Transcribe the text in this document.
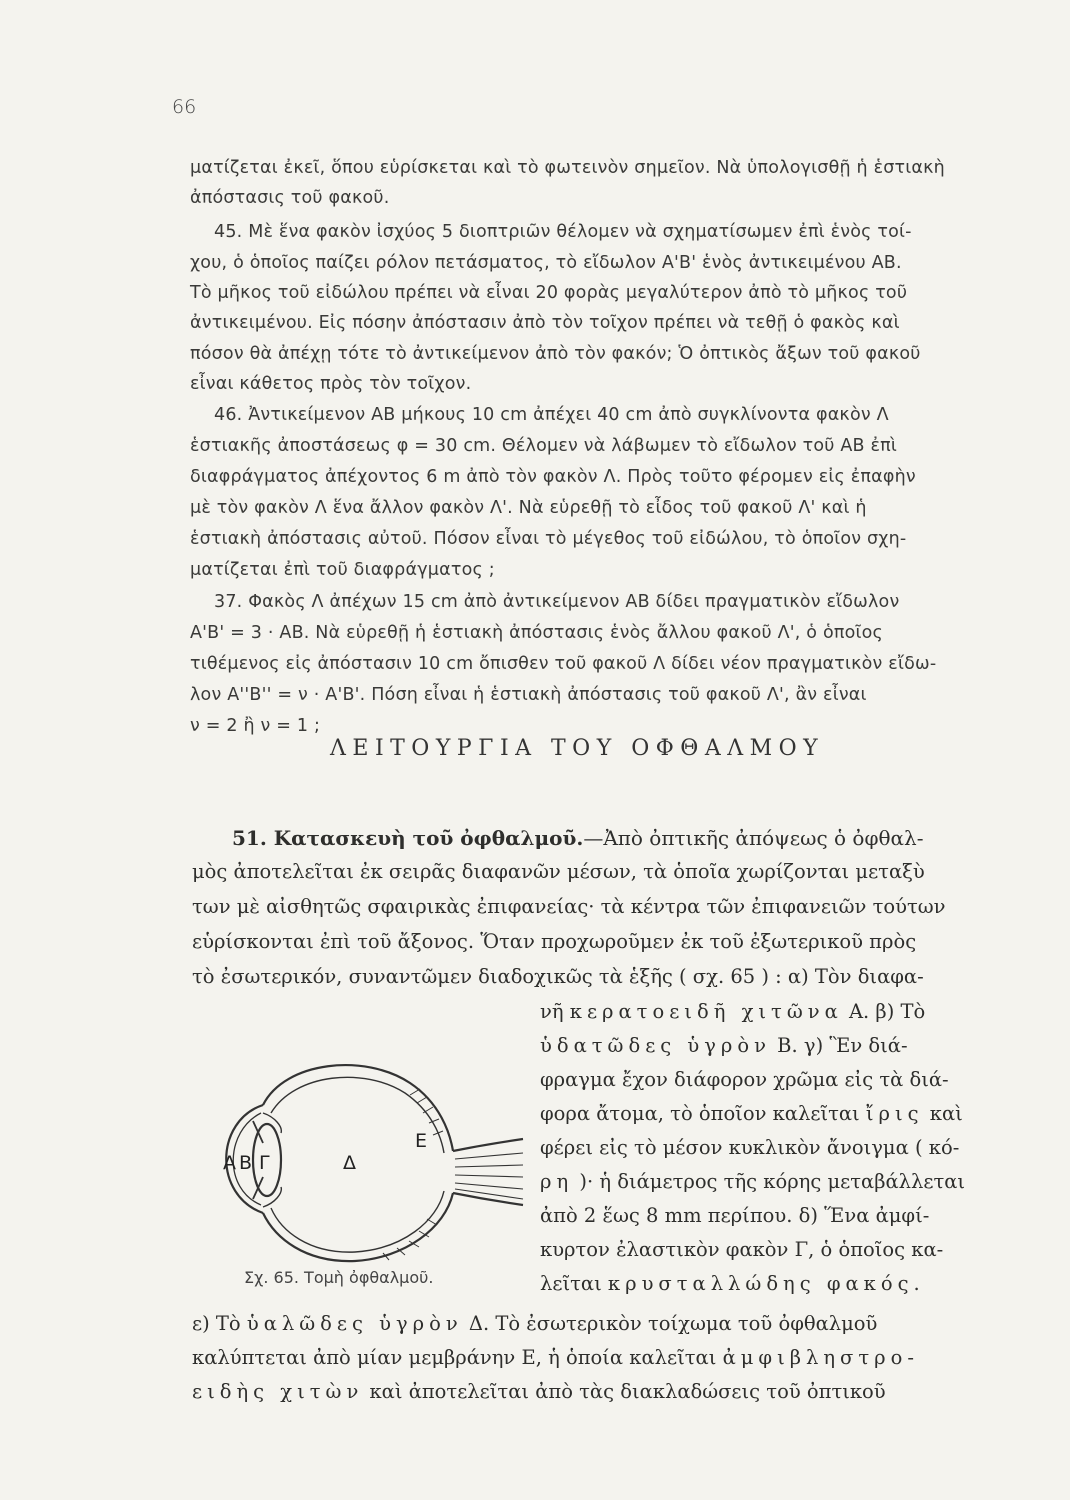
66
ματίζεται ἐκεῖ, ὅπου εὑρίσκεται καὶ τὸ φωτεινὸν σημεῖον. Νὰ ὑπολογισθῇ ἡ ἑστιακὴ
ἀπόστασις τοῦ φακοῦ.
45. Μὲ ἕνα φακὸν ἰσχύος 5 διοπτριῶν θέλομεν νὰ σχηματίσωμεν ἐπὶ ἑνὸς τοί-
χου, ὁ ὁποῖος παίζει ρόλον πετάσματος, τὸ εἴδωλον Α'Β' ἑνὸς ἀντικειμένου ΑΒ.
Τὸ μῆκος τοῦ εἰδώλου πρέπει νὰ εἶναι 20 φορὰς μεγαλύτερον ἀπὸ τὸ μῆκος τοῦ
ἀντικειμένου. Εἰς πόσην ἀπόστασιν ἀπὸ τὸν τοῖχον πρέπει νὰ τεθῇ ὁ φακὸς καὶ
πόσον θὰ ἀπέχῃ τότε τὸ ἀντικείμενον ἀπὸ τὸν φακόν; Ὁ ὀπτικὸς ἄξων τοῦ φακοῦ
εἶναι κάθετος πρὸς τὸν τοῖχον.
46. Ἀντικείμενον ΑΒ μήκους 10 cm ἀπέχει 40 cm ἀπὸ συγκλίνοντα φακὸν Λ
ἑστιακῆς ἀποστάσεως φ = 30 cm. Θέλομεν νὰ λάβωμεν τὸ εἴδωλον τοῦ ΑΒ ἐπὶ
διαφράγματος ἀπέχοντος 6 m ἀπὸ τὸν φακὸν Λ. Πρὸς τοῦτο φέρομεν εἰς ἐπαφὴν
μὲ τὸν φακὸν Λ ἕνα ἄλλον φακὸν Λ'. Νὰ εὑρεθῇ τὸ εἶδος τοῦ φακοῦ Λ' καὶ ἡ
ἑστιακὴ ἀπόστασις αὐτοῦ. Πόσον εἶναι τὸ μέγεθος τοῦ εἰδώλου, τὸ ὁποῖον σχη-
ματίζεται ἐπὶ τοῦ διαφράγματος ;
37. Φακὸς Λ ἀπέχων 15 cm ἀπὸ ἀντικείμενον ΑΒ δίδει πραγματικὸν εἴδωλον
Α'Β' = 3 · ΑΒ. Νὰ εὑρεθῇ ἡ ἑστιακὴ ἀπόστασις ἑνὸς ἄλλου φακοῦ Λ', ὁ ὁποῖος
τιθέμενος εἰς ἀπόστασιν 10 cm ὄπισθεν τοῦ φακοῦ Λ δίδει νέον πραγματικὸν εἴδω-
λον Α''Β'' = ν · Α'Β'. Πόση εἶναι ἡ ἑστιακὴ ἀπόστασις τοῦ φακοῦ Λ', ἂν εἶναι
ν = 2 ἢ ν = 1 ;
ΛΕΙΤΟΥΡΓΙΑ ΤΟΥ ΟΦΘΑΛΜΟΥ
51. Κατασκευὴ τοῦ ὀφθαλμοῦ.—Ἀπὸ ὀπτικῆς ἀπόψεως ὁ ὀφθαλ-
μὸς ἀποτελεῖται ἐκ σειρᾶς διαφανῶν μέσων, τὰ ὁποῖα χωρίζονται μεταξὺ
των μὲ αἰσθητῶς σφαιρικὰς ἐπιφανείας· τὰ κέντρα τῶν ἐπιφανειῶν τούτων
εὑρίσκονται ἐπὶ τοῦ ἄξονος. Ὅταν προχωροῦμεν ἐκ τοῦ ἐξωτερικοῦ πρὸς
τὸ ἐσωτερικόν, συναντῶμεν διαδοχικῶς τὰ ἑξῆς ( σχ. 65 ) : α) Τὸν διαφα-
νῆ κερατοειδῆ χιτῶνα Α. β) Τὸ
ὑδατῶδες ὑγρὸν Β. γ) Ἓν διά-
φραγμα ἔχον διάφορον χρῶμα εἰς τὰ διά-
φορα ἄτομα, τὸ ὁποῖον καλεῖται ἴρις καὶ
φέρει εἰς τὸ μέσον κυκλικὸν ἄνοιγμα ( κό-
ρη )· ἡ διάμετρος τῆς κόρης μεταβάλλεται
ἀπὸ 2 ἕως 8 mm περίπου. δ) Ἕνα ἀμφί-
κυρτον ἐλαστικὸν φακὸν Γ, ὁ ὁποῖος κα-
λεῖται κρυσταλλώδης φακός.
ε) Τὸ ὑαλῶδες ὑγρὸν Δ. Τὸ ἐσωτερικὸν τοίχωμα τοῦ ὀφθαλμοῦ
καλύπτεται ἀπὸ μίαν μεμβράνην Ε, ἡ ὁποία καλεῖται ἀμφιβληστρο-
ειδὴς χιτὼν καὶ ἀποτελεῖται ἀπὸ τὰς διακλαδώσεις τοῦ ὀπτικοῦ
Α Β Γ	Δ
Ε
Σχ. 65. Τομὴ ὀφθαλμοῦ.
